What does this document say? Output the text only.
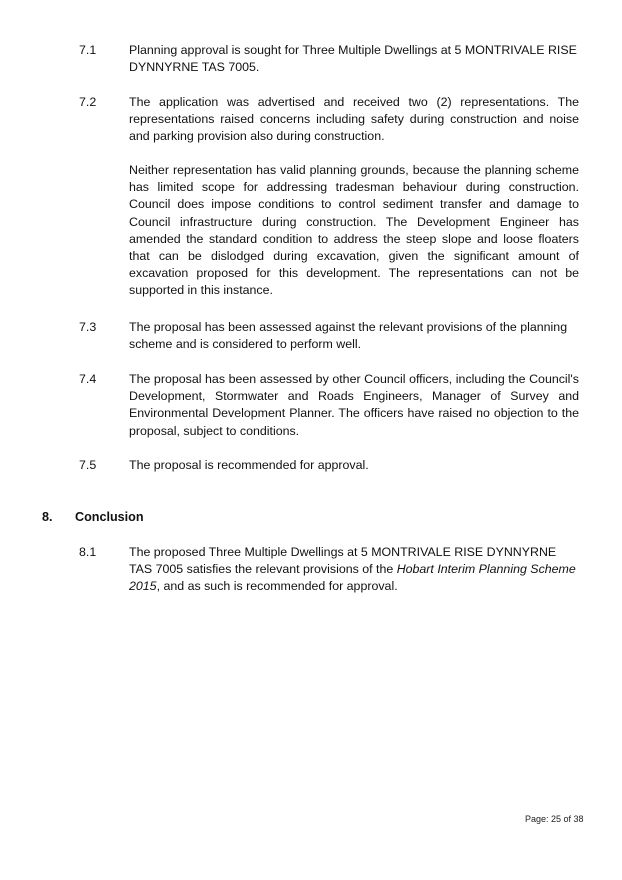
7.1	Planning approval is sought for Three Multiple Dwellings at 5 MONTRIVALE RISE DYNNYRNE TAS 7005.

7.2	The application was advertised and received two (2) representations. The representations raised concerns including safety during construction and noise and parking provision also during construction.

Neither representation has valid planning grounds, because the planning scheme has limited scope for addressing tradesman behaviour during construction. Council does impose conditions to control sediment transfer and damage to Council infrastructure during construction. The Development Engineer has amended the standard condition to address the steep slope and loose floaters that can be dislodged during excavation, given the significant amount of excavation proposed for this development. The representations can not be supported in this instance.

7.3	The proposal has been assessed against the relevant provisions of the planning scheme and is considered to perform well.

7.4	The proposal has been assessed by other Council officers, including the Council's Development, Stormwater and Roads Engineers, Manager of Survey and Environmental Development Planner. The officers have raised no objection to the proposal, subject to conditions.

7.5	The proposal is recommended for approval.

8. Conclusion
8.1	The proposed Three Multiple Dwellings at 5 MONTRIVALE RISE DYNNYRNE TAS 7005 satisfies the relevant provisions of the Hobart Interim Planning Scheme 2015, and as such is recommended for approval.

Page: 25 of 38
